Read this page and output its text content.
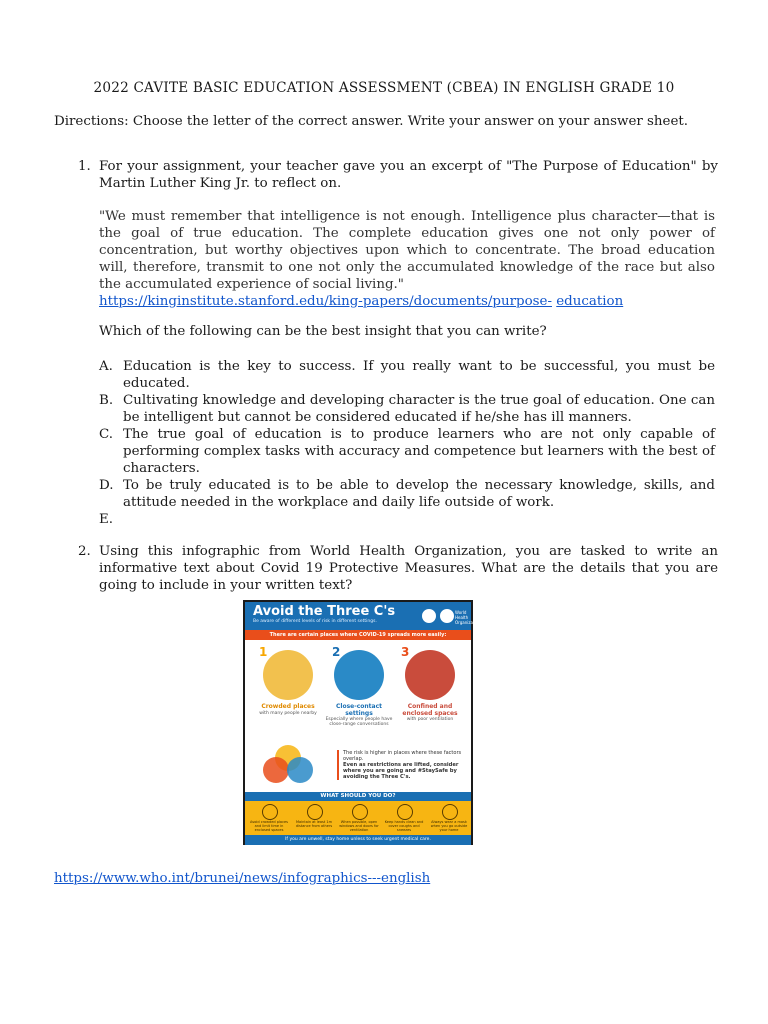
2022 CAVITE BASIC EDUCATION ASSESSMENT (CBEA) IN ENGLISH GRADE 10
Directions: Choose the letter of the correct answer. Write your answer on your answer sheet.
1. For your assignment, your teacher gave you an excerpt of "The Purpose of Education" by Martin Luther King Jr. to reflect on.
"We must remember that intelligence is not enough. Intelligence plus character—that is the goal of true education. The complete education gives one not only power of concentration, but worthy objectives upon which to concentrate. The broad education will, therefore, transmit to one not only the accumulated knowledge of the race but also the accumulated experience of social living."
https://kinginstitute.stanford.edu/king-papers/documents/purpose- education
Which of the following can be the best insight that you can write?
A. Education is the key to success. If you really want to be successful, you must be educated.
B. Cultivating knowledge and developing character is the true goal of education. One can be intelligent but cannot be considered educated if he/she has ill manners.
C. The true goal of education is to produce learners who are not only capable of performing complex tasks with accuracy and competence but learners with the best of characters.
D. To be truly educated is to be able to develop the necessary knowledge, skills, and attitude needed in the workplace and daily life outside of work.
E.
2. Using this infographic from World Health Organization, you are tasked to write an informative text about Covid 19 Protective Measures. What are the details that you are going to include in your written text?
Avoid the Three C's
Be aware of different levels of risk in different settings.
World Health Organization
There are certain places where COVID-19 spreads more easily:
1	2	3
Crowded places
with many people nearby
Close-contact settings
Especially where people have close-range conversations
Confined and enclosed spaces
with poor ventilation
The risk is higher in places where these factors overlap.
Even as restrictions are lifted, consider where you are going and #StaySafe by avoiding the Three C's.
WHAT SHOULD YOU DO?
Avoid crowded places and limit time in enclosed spaces
Maintain at least 1m distance from others
When possible, open windows and doors for ventilation
Keep hands clean and cover coughs and sneezes
Always wear a mask when you go outside your home
If you are unwell, stay home unless to seek urgent medical care.
https://www.who.int/brunei/news/infographics---english
